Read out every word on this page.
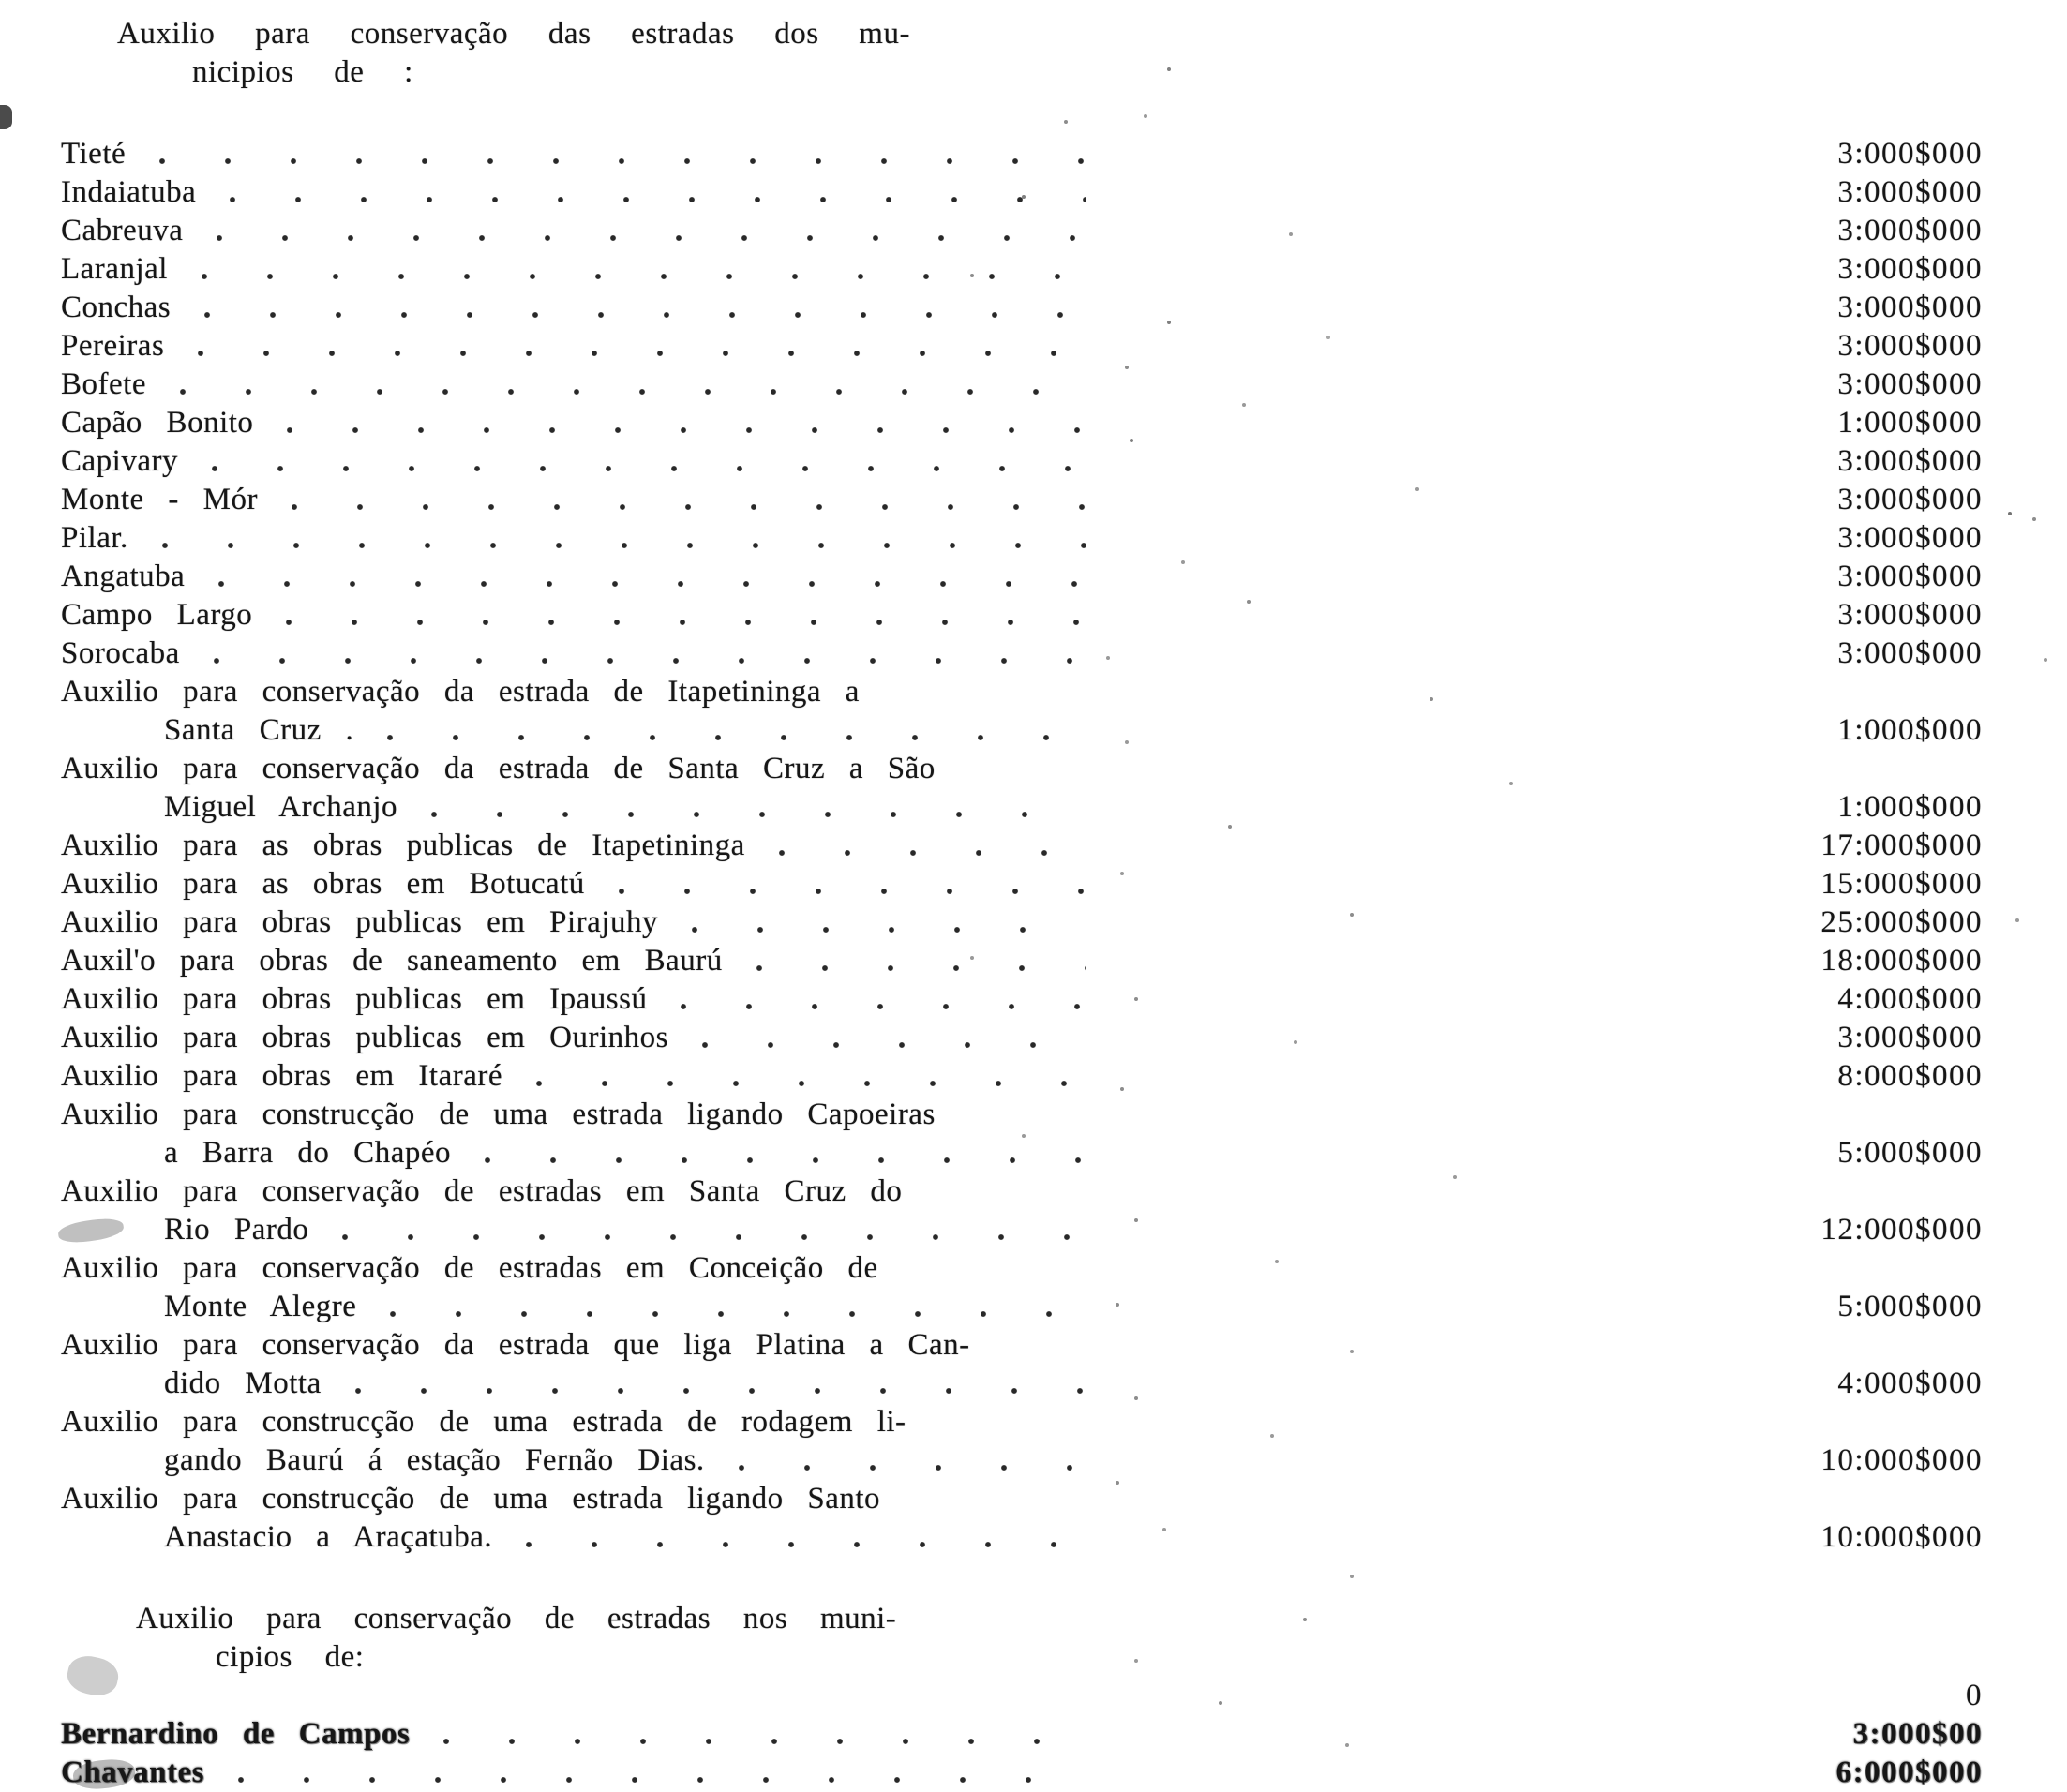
Auxilio para conservação das estradas dos mu-
nicipios de :
Tieté	3:000$000
Indaiatuba	3:000$000
Cabreuva	3:000$000
Laranjal	3:000$000
Conchas	3:000$000
Pereiras	3:000$000
Bofete	3:000$000
Capão Bonito	1:000$000
Capivary	3:000$000
Monte - Mór	3:000$000
Pilar.	3:000$000
Angatuba	3:000$000
Campo Largo	3:000$000
Sorocaba	3:000$000
Auxilio para conservação da estrada de Itapetininga a
Santa Cruz .	1:000$000
Auxilio para conservação da estrada de Santa Cruz a São
Miguel Archanjo	1:000$000
Auxilio para as obras publicas de Itapetininga	17:000$000
Auxilio para as obras em Botucatú	15:000$000
Auxilio para obras publicas em Pirajuhy	25:000$000
Auxil'o para obras de saneamento em Baurú	18:000$000
Auxilio para obras publicas em Ipaussú	4:000$000
Auxilio para obras publicas em Ourinhos	3:000$000
Auxilio para obras em Itararé	8:000$000
Auxilio para construcção de uma estrada ligando Capoeiras
a Barra do Chapéo	5:000$000
Auxilio para conservação de estradas em Santa Cruz do
Rio Pardo	12:000$000
Auxilio para conservação de estradas em Conceição de
Monte Alegre	5:000$000
Auxilio para conservação da estrada que liga Platina a Can-
dido Motta	4:000$000
Auxilio para construcção de uma estrada de rodagem li-
gando Baurú á estação Fernão Dias.	10:000$000
Auxilio para construcção de uma estrada ligando Santo
Anastacio a Araçatuba.	10:000$000
Auxilio para conservação de estradas nos muni-
cipios de:
0
Bernardino de Campos	3:000$00
Chavantes	6:000$000
